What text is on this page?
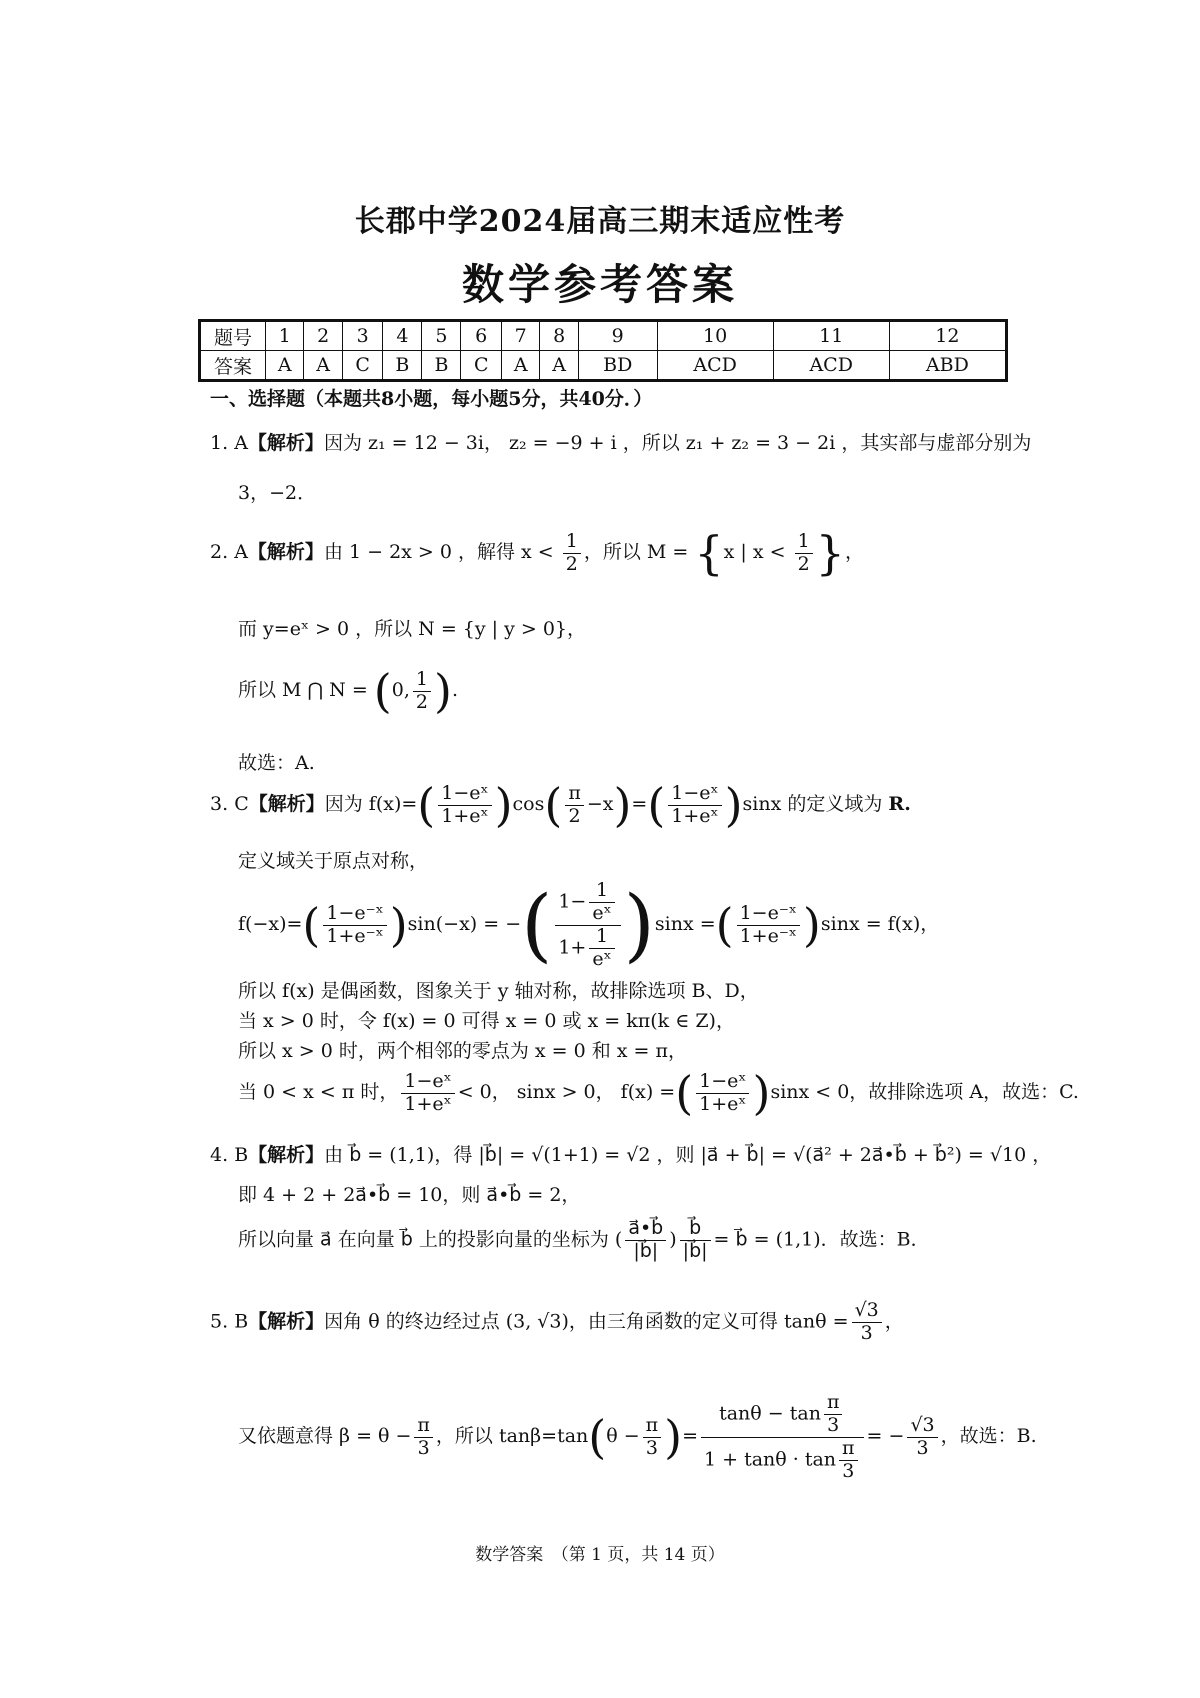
长郡中学2024届高三期末适应性考
数学参考答案
题号	1	2	3	4	5	6	7	8	9	10	11	12
答案	A	A	C	B	B	C	A	A	BD	ACD	ACD	ABD
一、选择题（本题共8小题，每小题5分，共40分．）
1. A【解析】因为 z₁ = 12 − 3i， z₂ = −9 + i ，所以 z₁ + z₂ = 3 − 2i ，其实部与虚部分别为
3，−2．
2. A【解析】由 1 − 2x > 0 ，解得 $x < \frac{1}{2}$ ，所以 M = {x | $x < \frac{1}{2}$ }，
而 y=eˣ > 0 ，所以 N = {y | y > 0}，
所以 M ⋂ N = (0, $\frac{1}{2}$ ).
故选：A.
3. C【解析】因为 $f(x)=( \frac{\text{1−eˣ}}{\text{1+eˣ}} )\cos( \frac{\pi}{2} -x)=( \frac{\text{1−eˣ}}{\text{1+eˣ}} )\sin x$ 的定义域为 R.
定义域关于原点对称，
$f(-x)=( \frac{\text{1−e⁻ˣ}}{\text{1+e⁻ˣ}} )\sin(-x)$ = −( $\frac{1- \frac{1}{\text{eˣ}}}{1+ \frac{1}{\text{eˣ}}} )\sin x$ =( $\frac{\text{1−e⁻ˣ}}{\text{1+e⁻ˣ}} )\sin x = f(x)$，
所以 f(x) 是偶函数，图象关于 y 轴对称，故排除选项 B、D，
当 x > 0 时，令 f(x) = 0 可得 x = 0 或 x = kπ(k ∈ Z)，
所以 x > 0 时，两个相邻的零点为 x = 0 和 x = π，
当 0 < x < π 时， $\frac{\text{1−eˣ}}{\text{1+eˣ}} < 0$， sinx > 0， f(x) =( $\frac{\text{1−eˣ}}{\text{1+eˣ}} )\sin x < 0$，故排除选项 A，故选：C.
4. B【解析】由 b⃗ = (1,1)，得 |b⃗| = √(1+1) = √2 ，则 |a⃗ + b⃗| = √(a⃗² + 2a⃗•b⃗ + b⃗²) = √10 ，
即 4 + 2 + 2a⃗•b⃗ = 10，则 a⃗•b⃗ = 2，
所以向量 a⃗ 在向量 b⃗ 上的投影向量的坐标为 ( $\frac{a⃗•b⃗}{|b⃗|}$ ) $\frac{b⃗}{|b⃗|}$ = b⃗ = (1,1)．故选：B．
5. B【解析】因角 θ 的终边经过点 (3, √3)，由三角函数的定义可得 $\tan\theta = \frac{√3}{3}$ ，
又依题意得 $\beta = \theta - \frac{\pi}{3}$ ，所以 $\tan\beta=\tan(\theta - \frac{\pi}{3}$ )= $\frac{\tan\theta - \tan \frac{\pi}{3}}{1 + \tan\theta \cdot \tan \frac{\pi}{3}}$ = − $\frac{√3}{3}$ ，故选：B.
数学答案　（第 1 页，共 14 页）
